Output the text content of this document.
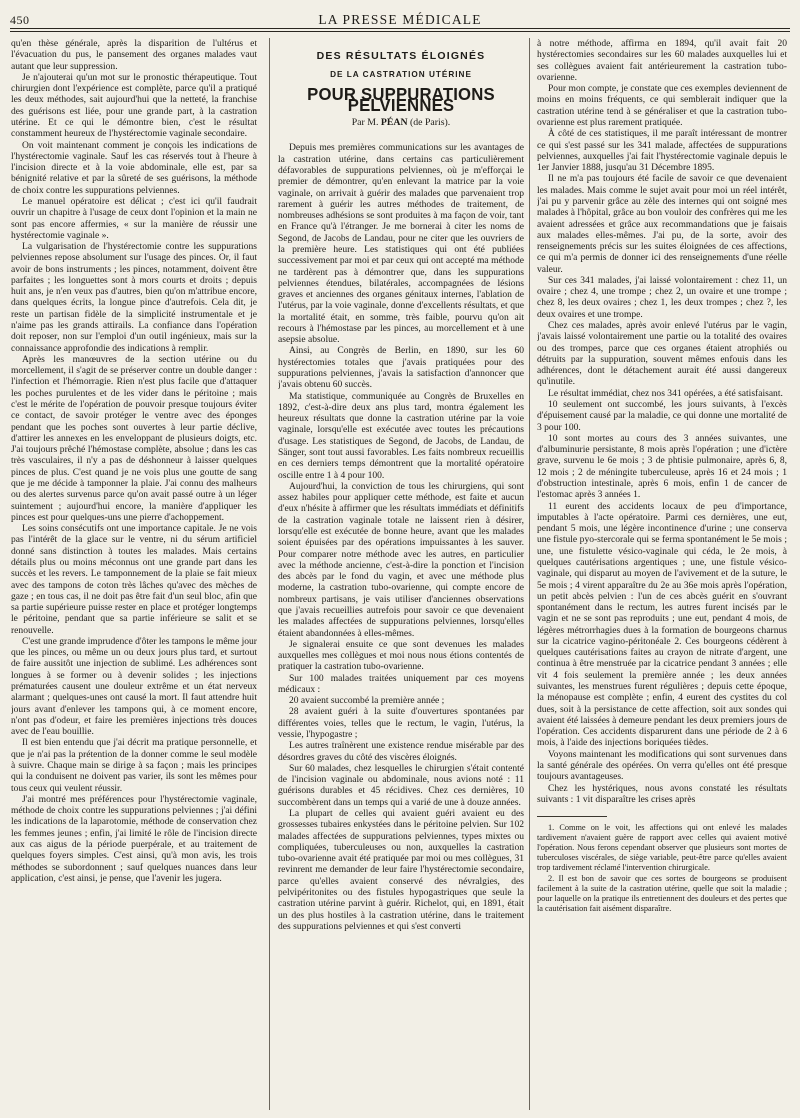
450	LA PRESSE MÉDICALE

qu'en thèse générale, après la disparition de l'ultérus et l'évacuation du pus, le pansement des organes malades vaut autant que leur suppression.

Je n'ajouterai qu'un mot sur le pronostic thérapeutique. Tout chirurgien dont l'expérience est complète, parce qu'il a pratiqué les deux méthodes, sait aujourd'hui que la netteté, la franchise des guérisons est liée, pour une grande part, à la castration utérine. Et ce qui le démontre bien, c'est le résultat constamment heureux de l'hystérectomie vaginale secondaire.

On voit maintenant comment je conçois les indications de l'hystérectomie vaginale. Sauf les cas réservés tout à l'heure à l'incision directe et à la voie abdominale, elle est, par sa bénignité relative et par la sûreté de ses guérisons, la méthode de choix contre les suppurations pelviennes.

Le manuel opératoire est délicat ; c'est ici qu'il faudrait ouvrir un chapitre à l'usage de ceux dont l'opinion et la main ne sont pas encore affermies, « sur la manière de réussir une hystérectomie vaginale ».

La vulgarisation de l'hystérectomie contre les suppurations pelviennes repose absolument sur l'usage des pinces. Or, il faut avoir de bons instruments ; les pinces, notamment, doivent être parfaites ; les longuettes sont à mors courts et droits ; depuis huit ans, je n'en veux pas d'autres, bien qu'on m'attribue encore, dans quelques écrits, la longue pince d'autrefois. Cela dit, je reste un partisan fidèle de la simplicité instrumentale et je n'aime pas les grands attirails. La confiance dans l'opération doit reposer, non sur l'emploi d'un outil ingénieux, mais sur la connaissance approfondie des indications à remplir.

Après les manœuvres de la section utérine ou du morcellement, il s'agit de se préserver contre un double danger : l'infection et l'hémorragie. Rien n'est plus facile que d'attaquer les poches purulentes et de les vider dans le péritoine ; mais c'est le mérite de l'opération de pouvoir presque toujours éviter ce contact, de savoir protéger le ventre avec des éponges pendant que les poches sont ouvertes à leur partie déclive, d'attirer les annexes en les enveloppant de plusieurs doigts, etc. J'ai toujours prêché l'hémostase complète, absolue ; dans les cas très vasculaires, il n'y a pas de déshonneur à laisser quelques pinces de plus. C'est quand je ne vois plus une goutte de sang que je me décide à tamponner la plaie. J'ai connu des malheurs ou des alertes survenus parce qu'on avait passé outre à un léger suintement ; aujourd'hui encore, la manière d'appliquer les pinces est pour quelques-uns une pierre d'achoppement.

Les soins consécutifs ont une importance capitale. Je ne vois pas l'intérêt de la glace sur le ventre, ni du sérum artificiel donné sans distinction à toutes les malades. Mais certains détails plus ou moins méconnus ont une grande part dans les succès et les revers. Le tamponnement de la plaie se fait mieux avec des tampons de coton très lâches qu'avec des mèches de gaze ; en tous cas, il ne doit pas être fait d'un seul bloc, afin que sa partie supérieure puisse rester en place et protéger longtemps le péritoine, pendant que sa partie inférieure se salit et se renouvelle.

C'est une grande imprudence d'ôter les tampons le même jour que les pinces, ou même un ou deux jours plus tard, et surtout de faire aussitôt une injection de sublimé. Les adhérences sont longues à se former ou à devenir solides ; les injections prématurées causent une douleur extrême et un état nerveux alarmant ; quelques-unes ont causé la mort. Il faut attendre huit jours avant d'enlever les tampons qui, à ce moment encore, n'ont pas d'odeur, et faire les premières injections très douces avec de l'eau bouillie.

Il est bien entendu que j'ai décrit ma pratique personnelle, et que je n'ai pas la prétention de la donner comme le seul modèle à suivre. Chaque main se dirige à sa façon ; mais les principes qui la conduisent ne doivent pas varier, ils sont les mêmes pour tous ceux qui veulent réussir.

J'ai montré mes préférences pour l'hystérectomie vaginale, méthode de choix contre les suppurations pelviennes ; j'ai défini les indications de la laparotomie, méthode de conservation chez les femmes jeunes ; enfin, j'ai limité le rôle de l'incision directe aux cas aigus de la période puerpérale, et au traitement de quelques foyers simples. C'est ainsi, qu'à mon avis, les trois méthodes se subordonnent ; sauf quelques nuances dans leur application, c'est ainsi, je pense, que l'avenir les jugera.

DES RÉSULTATS ÉLOIGNÉS
DE LA CASTRATION UTÉRINE
POUR SUPPURATIONS PELVIENNES
Par M. PÉAN (de Paris).

Depuis mes premières communications sur les avantages de la castration utérine, dans certains cas particulièrement défavorables de suppurations pelviennes, où je m'efforçai le premier de démontrer, qu'en enlevant la matrice par la voie vaginale, on arrivait à guérir des malades que parvenaient trop rarement à guérir les autres méthodes de traitement, de nombreuses adhésions se sont produites à ma façon de voir, tant en France qu'à l'étranger. Je me bornerai à citer les noms de Segond, de Jacobs de Landau, pour ne citer que les ouvriers de la première heure. Les statistiques qui ont été publiées successivement par moi et par ceux qui ont accepté ma méthode ne tardèrent pas à démontrer que, dans les suppurations pelviennes étendues, bilatérales, accompagnées de lésions graves et anciennes des organes génitaux internes, l'ablation de l'utérus, par la voie vaginale, donne d'excellents résultats, et que la mortalité était, en somme, très faible, pourvu qu'on ait recours à l'hémostase par les pinces, au morcellement et à une asepsie absolue.

Ainsi, au Congrès de Berlin, en 1890, sur les 60 hystérectomies totales que j'avais pratiquées pour des suppurations pelviennes, j'avais la satisfaction d'annoncer que j'avais obtenu 60 succès.

Ma statistique, communiquée au Congrès de Bruxelles en 1892, c'est-à-dire deux ans plus tard, montra également les heureux résultats que donne la castration utérine par la voie vaginale, lorsqu'elle est exécutée avec toutes les précautions d'usage. Les statistiques de Segond, de Jacobs, de Landau, de Sänger, sont tout aussi favorables. Les faits nombreux recueillis en ces derniers temps démontrent que la mortalité opératoire oscille entre 1 à 4 pour 100.

Aujourd'hui, la conviction de tous les chirurgiens, qui sont assez habiles pour appliquer cette méthode, est faite et aucun d'eux n'hésite à affirmer que les résultats immédiats et définitifs de la castration vaginale totale ne laissent rien à désirer, lorsqu'elle est exécutée de bonne heure, avant que les malades soient épuisées par des opérations impuissantes à les sauver. Pour comparer notre méthode avec les autres, en particulier avec la méthode ancienne, c'est-à-dire la ponction et l'incision des abcès par le fond du vagin, et avec une méthode plus moderne, la castration tubo-ovarienne, qui compte encore de nombreux partisans, je vais utiliser d'anciennes observations que j'avais recueillies autrefois pour savoir ce que devenaient les malades affectées de suppurations pelviennes, lorsqu'elles étaient abandonnées à elles-mêmes.

Je signalerai ensuite ce que sont devenues les malades auxquelles mes collègues et moi nous nous étions contentés de pratiquer la castration tubo-ovarienne.

Sur 100 malades traitées uniquement par ces moyens médicaux :

20 avaient succombé la première année ;

28 avaient guéri à la suite d'ouvertures spontanées par différentes voies, telles que le rectum, le vagin, l'utérus, la vessie, l'hypogastre ;

Les autres traînèrent une existence rendue misérable par des désordres graves du côté des viscères éloignés.

Sur 60 malades, chez lesquelles le chirurgien s'était contenté de l'incision vaginale ou abdominale, nous avions noté : 11 guérisons durables et 45 récidives. Chez ces dernières, 10 succombèrent dans un temps qui a varié de une à douze années.

La plupart de celles qui avaient guéri avaient eu des grossesses tubaires enkystées dans le péritoine pelvien. Sur 102 malades affectées de suppurations pelviennes, types mixtes ou compliquées, tuberculeuses ou non, auxquelles la castration tubo-ovarienne avait été pratiquée par moi ou mes collègues, 31 revinrent me demander de leur faire l'hystérectomie secondaire, parce qu'elles avaient conservé des névralgies, des pelvipéritonites ou des fistules hypogastriques que seule la castration utérine parvint à guérir. Richelot, qui, en 1891, était un des plus hostiles à la castration utérine, dans le traitement des suppurations pelviennes et qui s'est converti

à notre méthode, affirma en 1894, qu'il avait fait 20 hystérectomies secondaires sur les 60 malades auxquelles lui et ses collègues avaient fait antérieurement la castration tubo-ovarienne.

Pour mon compte, je constate que ces exemples deviennent de moins en moins fréquents, ce qui semblerait indiquer que la castration utérine tend à se généraliser et que la castration tubo-ovarienne est plus rarement pratiquée.

À côté de ces statistiques, il me paraît intéressant de montrer ce qui s'est passé sur les 341 malade, affectées de suppurations pelviennes, auxquelles j'ai fait l'hystérectomie vaginale depuis le 1er Janvier 1888, jusqu'au 31 Décembre 1895.

Il ne m'a pas toujours été facile de savoir ce que devenaient les malades. Mais comme le sujet avait pour moi un réel intérêt, j'ai pu y parvenir grâce au zèle des internes qui ont soigné mes malades à l'hôpital, grâce au bon vouloir des confrères qui me les avaient adressées et grâce aux recommandations que je faisais aux malades elles-mêmes. J'ai pu, de la sorte, avoir des renseignements précis sur les suites éloignées de ces affections, ce qui m'a permis de donner ici des renseignements d'une réelle valeur.

Sur ces 341 malades, j'ai laissé volontairement : chez 11, un ovaire ; chez 4, une trompe ; chez 2, un ovaire et une trompe ; chez 8, les deux ovaires ; chez 1, les deux trompes ; chez ?, les deux ovaires et une trompe.

Chez ces malades, après avoir enlevé l'utérus par le vagin, j'avais laissé volontairement une partie ou la totalité des ovaires ou des trompes, parce que ces organes étaient atrophiés ou détruits par la suppuration, souvent mêmes enfouis dans les adhérences, dont le détachement aurait été aussi dangereux qu'inutile.

Le résultat immédiat, chez nos 341 opérées, a été satisfaisant.

10 seulement ont succombé, les jours suivants, à l'excès d'épuisement causé par la maladie, ce qui donne une mortalité de 3 pour 100.

10 sont mortes au cours des 3 années suivantes, une d'albuminurie persistante, 8 mois après l'opération ; une d'ictère grave, survenu le 6e mois ; 3 de phtisie pulmonaire, après 6, 8, 12 mois ; 2 de méningite tuberculeuse, après 16 et 24 mois ; 1 d'obstruction intestinale, après 6 mois, enfin 1 de cancer de l'estomac après 3 années 1.

11 eurent des accidents locaux de peu d'importance, imputables à l'acte opératoire. Parmi ces dernières, une eut, pendant 5 mois, une légère incontinence d'urine ; une conserva une fistule pyo-stercorale qui se ferma spontanément le 5e mois ; une, une fistulette vésico-vaginale qui céda, le 2e mois, à quelques cautérisations argentiques ; une, une fistule vésico-vaginale, qui disparut au moyen de l'avivement et de la suture, le 5e mois ; 4 virent apparaître du 2e au 36e mois après l'opération, un petit abcès pelvien : l'un de ces abcès guérit en s'ouvrant spontanément dans le rectum, les autres furent incisés par le vagin et ne se sont pas reproduits ; une eut, pendant 4 mois, de légères métrorrhagies dues à la formation de bourgeons charnus sur la cicatrice vagino-péritonéale 2. Ces bourgeons cédèrent à quelques cautérisations faites au crayon de nitrate d'argent, une continua à être menstruée par la cicatrice pendant 3 années ; elle vit 4 fois seulement la première année ; les deux années suivantes, les menstrues furent régulières ; depuis cette époque, la ménopause est complète ; enfin, 4 eurent des cystites du col dues, soit à la persistance de cette affection, soit aux sondes qui avaient été laissées à demeure pendant les deux premiers jours de l'opération. Ces accidents disparurent dans une période de 2 à 6 mois, à l'aide des injections boriquées tièdes.

Voyons maintenant les modifications qui sont survenues dans la santé générale des opérées. On verra qu'elles ont été presque toujours avantageuses.

Chez les hystériques, nous avons constaté les résultats suivants : 1 vit disparaître les crises après

1. Comme on le voit, les affections qui ont enlevé les malades tardivement n'avaient guère de rapport avec celles qui avaient motivé l'opération. Nous ferons cependant observer que plusieurs sont mortes de tuberculoses viscérales, de siège variable, peut-être parce qu'elles avaient trop tardivement réclamé l'intervention chirurgicale.

2. Il est bon de savoir que ces sortes de bourgeons se produisent facilement à la suite de la castration utérine, quelle que soit la maladie ; pour laquelle on la pratique ils entretiennent des douleurs et des pertes que la cautérisation fait aisément disparaître.
